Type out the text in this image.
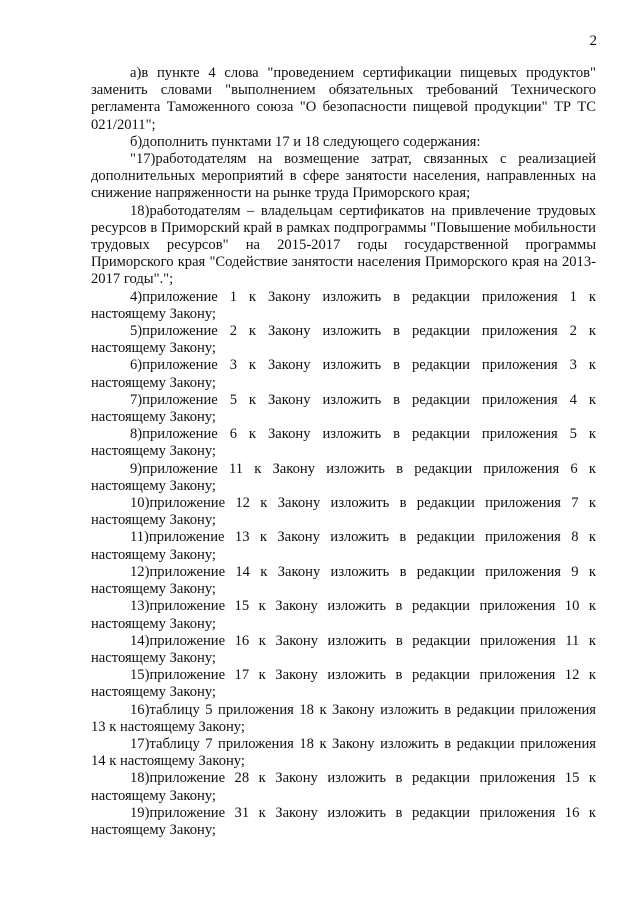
2

а)в пункте 4 слова "проведением сертификации пищевых продуктов" заменить словами "выполнением обязательных требований Технического регламента Таможенного союза "О безопасности пищевой продукции" ТР ТС 021/2011";

б)дополнить пунктами 17 и 18 следующего содержания:

"17)работодателям на возмещение затрат, связанных с реализацией дополнительных мероприятий в сфере занятости населения, направленных на снижение напряженности на рынке труда Приморского края;

18)работодателям – владельцам сертификатов на привлечение трудовых ресурсов в Приморский край в рамках подпрограммы "Повышение мобильности трудовых ресурсов" на 2015-2017 годы государственной программы Приморского края "Содействие занятости населения Приморского края на 2013-2017 годы".";

4)приложение 1 к Закону изложить в редакции приложения 1 к настоящему Закону;

5)приложение 2 к Закону изложить в редакции приложения 2 к настоящему Закону;

6)приложение 3 к Закону изложить в редакции приложения 3 к настоящему Закону;

7)приложение 5 к Закону изложить в редакции приложения 4 к настоящему Закону;

8)приложение 6 к Закону изложить в редакции приложения 5 к настоящему Закону;

9)приложение 11 к Закону изложить в редакции приложения 6 к настоящему Закону;

10)приложение 12 к Закону изложить в редакции приложения 7 к настоящему Закону;

11)приложение 13 к Закону изложить в редакции приложения 8 к настоящему Закону;

12)приложение 14 к Закону изложить в редакции приложения 9 к настоящему Закону;

13)приложение 15 к Закону изложить в редакции приложения 10 к настоящему Закону;

14)приложение 16 к Закону изложить в редакции приложения 11 к настоящему Закону;

15)приложение 17 к Закону изложить в редакции приложения 12 к настоящему Закону;

16)таблицу 5 приложения 18 к Закону изложить в редакции приложения 13 к настоящему Закону;

17)таблицу 7 приложения 18 к Закону изложить в редакции приложения 14 к настоящему Закону;

18)приложение 28 к Закону изложить в редакции приложения 15 к настоящему Закону;

19)приложение 31 к Закону изложить в редакции приложения 16 к настоящему Закону;
